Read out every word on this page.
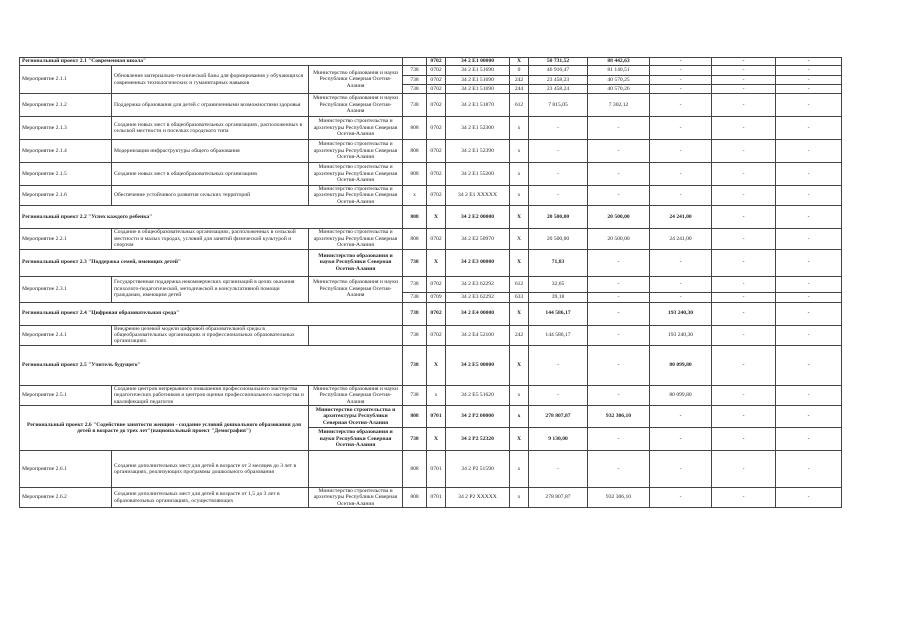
Региональный проект 2.1 "Современная школа"				0702	34 2 E1 00000	X	50 731,52	88 442,63	-	-	-
Мероприятие 2.1.1	Обновление материально-технической базы для формирования у обучающихся современных технологических и гуманитарных навыков	Министерство образования и науки Республики Северная Осетия-Алания	738	0702	34 2 E1 51690	0	46 916,47	81 140,51	-	-	-
			738	0702	34 2 E1 51690	242	23 458,23	40 570,25	-	-	-
			738	0702	34 2 E1 51690	244	23 458,24	40 570,26	-	-	-
Мероприятие 2.1.2	Поддержка образования для детей с ограниченными возможностями здоровья	Министерство образования и науки Республики Северная Осетия-Алания	738	0702	34 2 E1 51870	612	7 815,05	7 302,12	-	-	-
Мероприятие 2.1.3	Создание новых мест в общеобразовательных организациях, расположенных в сельской местности и поселках городского типа	Министерство строительства и архитектуры Республики Северная Осетия-Алания	808	0702	34 2 E1 52300	x	-	-	-	-	-
Мероприятие 2.1.4	Модернизация инфраструктуры общего образования	Министерство строительства и архитектуры Республики Северная Осетия-Алания	808	0702	34 2 E1 52390	x	-	-	-	-	-
Мероприятие 2.1.5	Создание новых мест в общеобразовательных организациях	Министерство строительства и архитектуры Республики Северная Осетия-Алания	808	0702	34 2 E1 55200	x	-	-	-	-	-
Мероприятие 2.1.6	Обеспечение устойчивого развития сельских территорий	Министерство строительства и архитектуры Республики Северная Осетия-Алания	x	0702	34 2 E1 XXXXX	x	-	-	-	-	-
Региональный проект 2.2 "Успех каждого ребенка"			808	X	34 2 E2 00000	X	20 500,00	20 500,00	24 241,00	-	-
Мероприятие 2.2.1	Создание в общеобразовательных организациях, расположенных в сельской местности и малых городах, условий для занятий физической культурой и спортом	Министерство строительства и архитектуры Республики Северная Осетия-Алания	808	0702	34 2 E2 50970	X	20 500,00	20 500,00	24 241,00	-	-
Региональный проект 2.3 "Поддержка семей, имеющих детей"		Министерство образования и науки Республики Северная Осетия-Алания	738	X	34 2 E3 00000	X	71,83	-	-	-	-
Мероприятие 2.3.1	Государственная поддержка некоммерческих организаций в целях оказания психолого-педагогической, методической и консультативной помощи гражданам, имеющим детей	Министерство образования и науки Республики Северная Осетия-Алания	738	0702	34 2 E3 62292	612	32,65	-	-	-	-
			738	0709	34 2 E3 62292	633	39,18	-	-	-	-
Региональный проект 2.4 "Цифровая образовательная среда"			738	0702	34 2 E4 00000	X	144 586,17	-	193 240,30	-	-
Мероприятие 2.4.1	Внедрение целевой модели цифровой образовательной среды в общеобразовательных организациях и профессиональных образовательных организациях		738	0702	34 2 E4 52100	242	144 586,17	-	193 240,30	-	-
Региональный проект 2.5 "Учитель будущего"			738	X	34 2 E5 00000	X	-	-	80 099,80	-	-
Мероприятие 2.5.1	Создание центров непрерывного повышения профессионального мастерства педагогических работников и центров оценки профессионального мастерства и квалификаций педагогов	Министерство образования и науки Республики Северная Осетия-Алания	738	x	34 2 E5 51620	x	-	-	80 099,80	-	-
Региональный проект 2.6 "Содействие занятости женщин - создание условий дошкольного образования для детей в возрасте до трех лет"(национальный проект "Демография")		Министерство строительства и архитектуры Республики Северная Осетия-Алания	808	0701	34 2 P2 00000	x	278 807,87	932 306,10	-	-	-
		Министерство образования и науки Республики Северная Осетия-Алания	738	X	34 2 P2 52320	X	9 130,00	-	-	-	-
Мероприятие 2.6.1	Создание дополнительных мест для детей в возрасте от 2 месяцев до 3 лет в организациях, реализующих программы дошкольного образования		808	0701	34 2 P2 51590	x	-	-	-	-	-
Мероприятие 2.6.2	Создание дополнительных мест для детей в возрасте от 1,5 до 3 лет в образовательных организациях, осуществляющих	Министерство строительства и архитектуры Республики Северная Осетия-Алания	808	0701	34 2 P2 XXXXX	x	278 807,87	932 306,10	-	-	-
